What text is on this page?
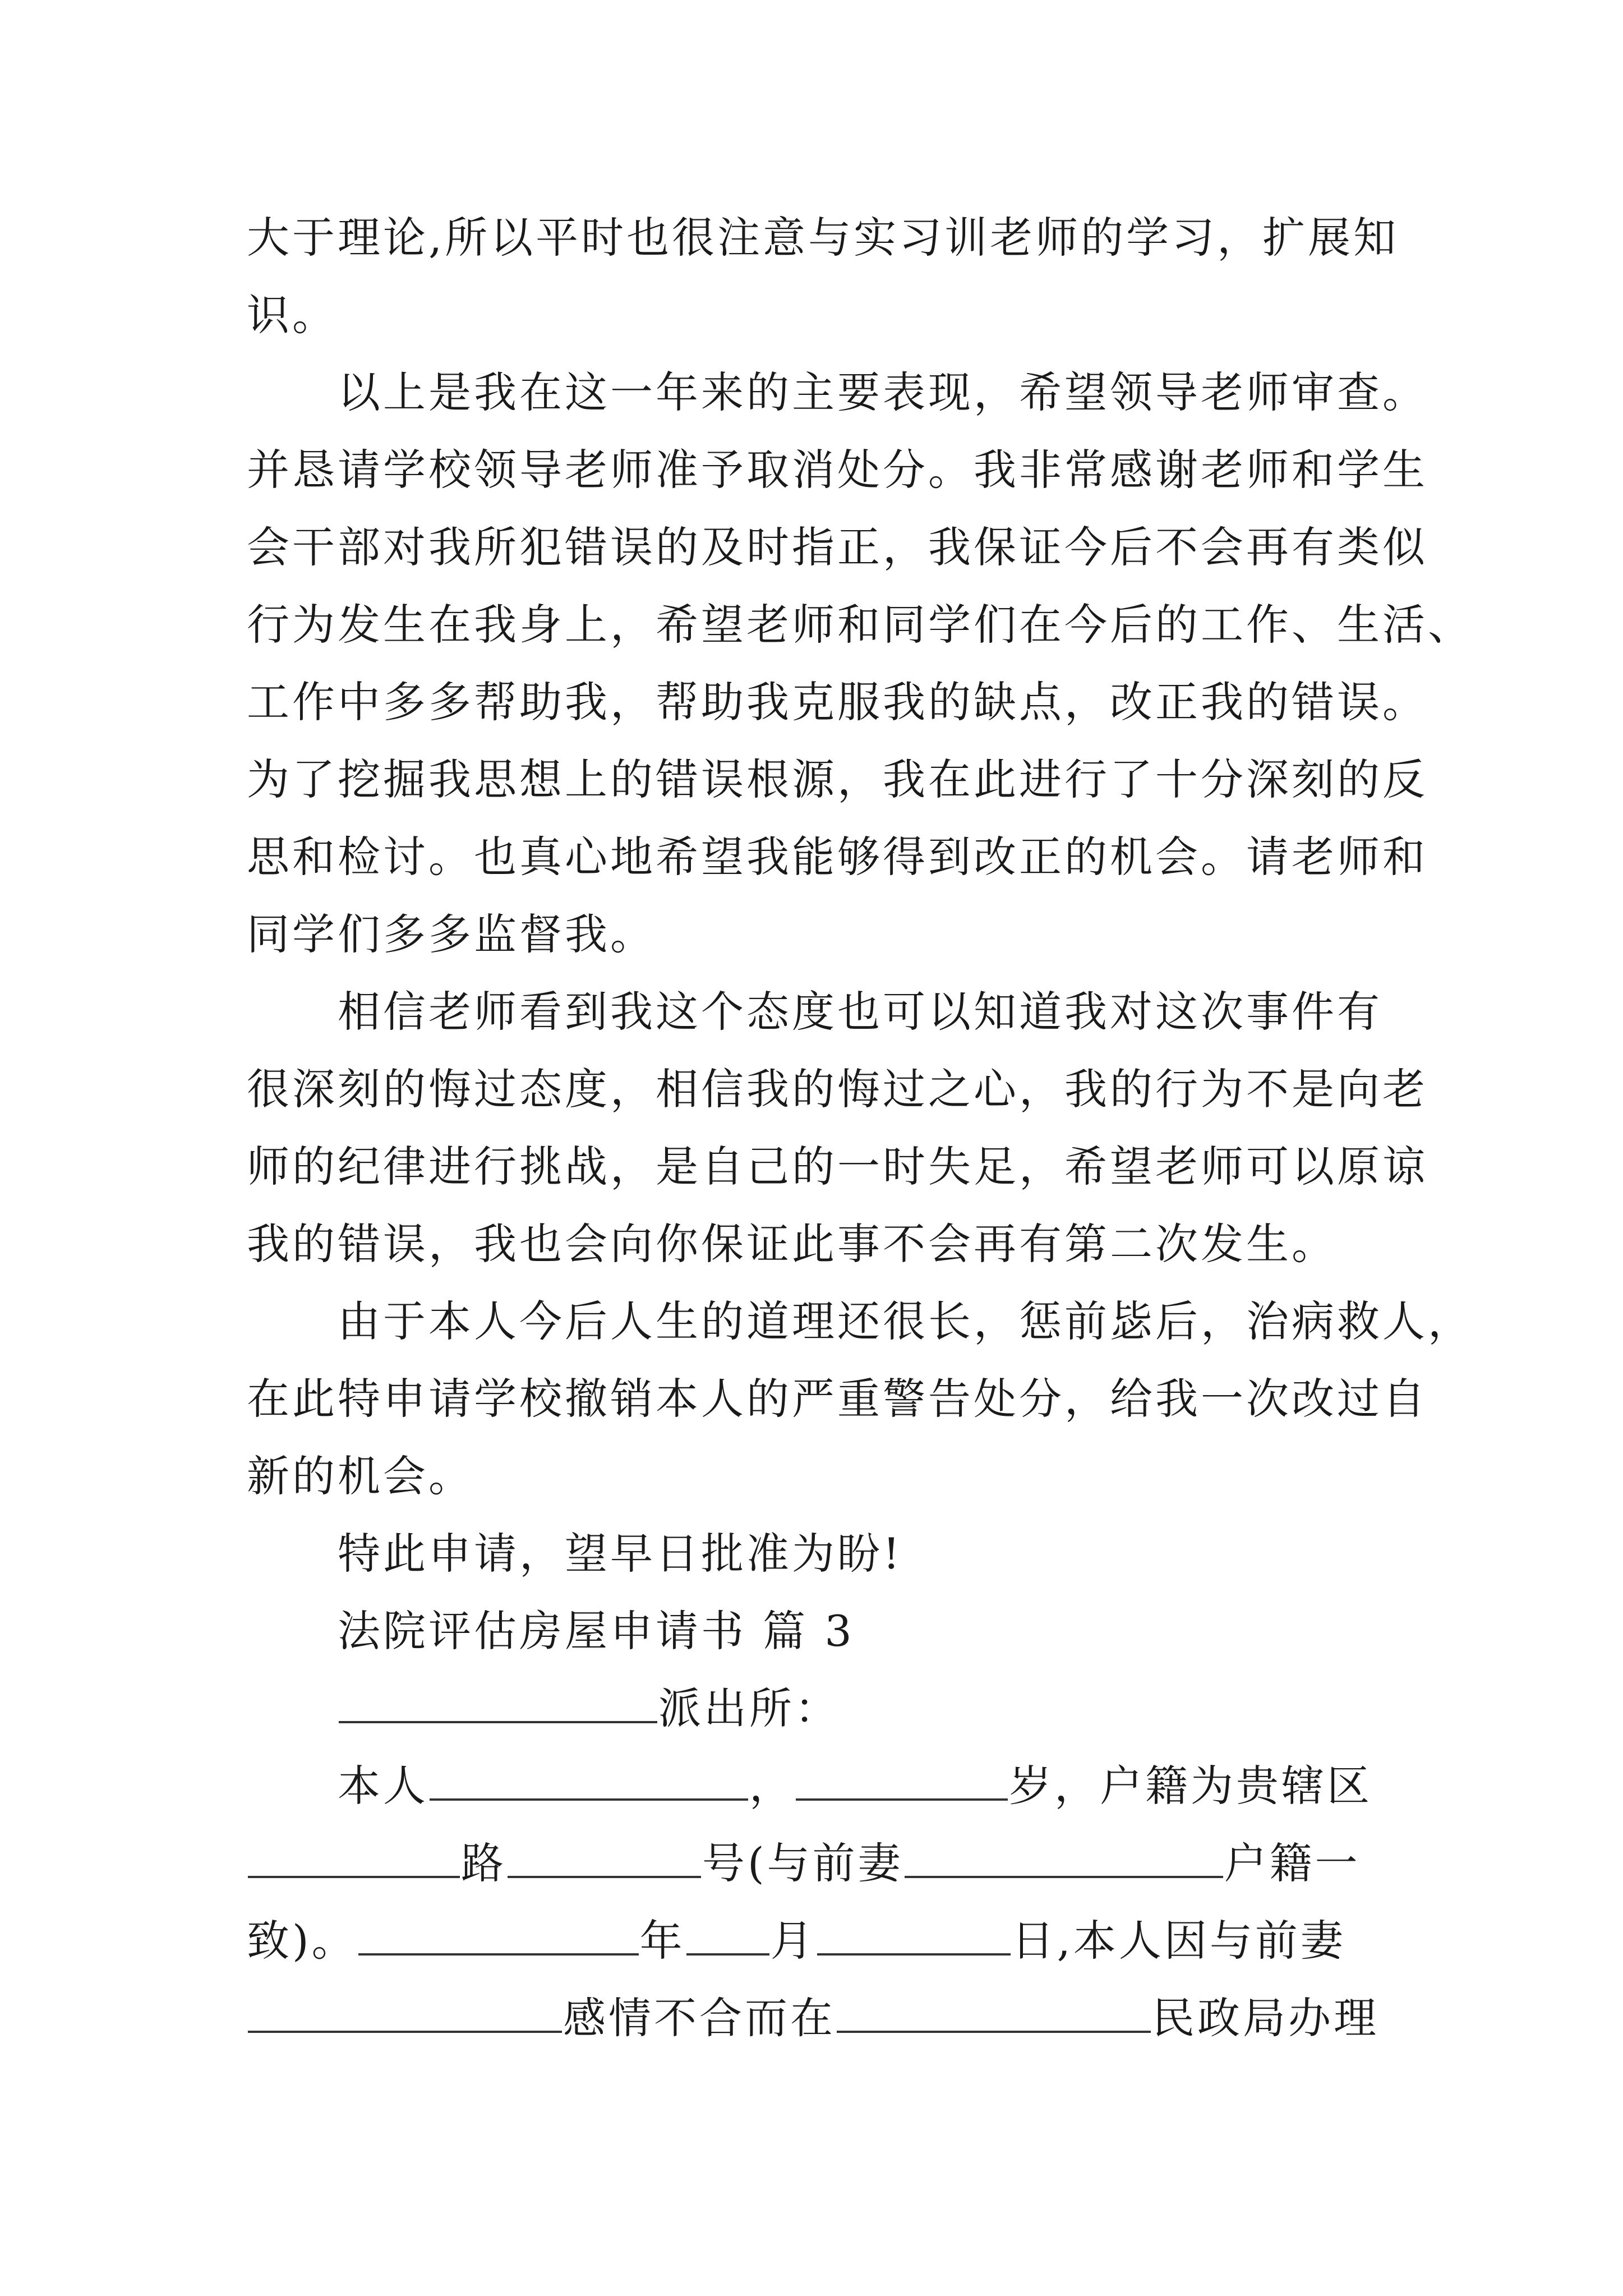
大于理论,所以平时也很注意与实习训老师的学习，扩展知
识。
　　以上是我在这一年来的主要表现，希望领导老师审查。
并恳请学校领导老师准予取消处分。我非常感谢老师和学生
会干部对我所犯错误的及时指正，我保证今后不会再有类似
行为发生在我身上，希望老师和同学们在今后的工作、生活、
工作中多多帮助我，帮助我克服我的缺点，改正我的错误。
为了挖掘我思想上的错误根源，我在此进行了十分深刻的反
思和检讨。也真心地希望我能够得到改正的机会。请老师和
同学们多多监督我。
　　相信老师看到我这个态度也可以知道我对这次事件有
很深刻的悔过态度，相信我的悔过之心，我的行为不是向老
师的纪律进行挑战，是自己的一时失足，希望老师可以原谅
我的错误，我也会向你保证此事不会再有第二次发生。
　　由于本人今后人生的道理还很长，惩前毖后，治病救人，
在此特申请学校撤销本人的严重警告处分，给我一次改过自
新的机会。
　　特此申请，望早日批准为盼!
　　法院评估房屋申请书 篇 3
　　派出所：
　　本人	，	岁，户籍为贵辖区
路	号(与前妻	户籍一
致)。	年 月	日,本人因与前妻
感情不合而在	民政局办理
